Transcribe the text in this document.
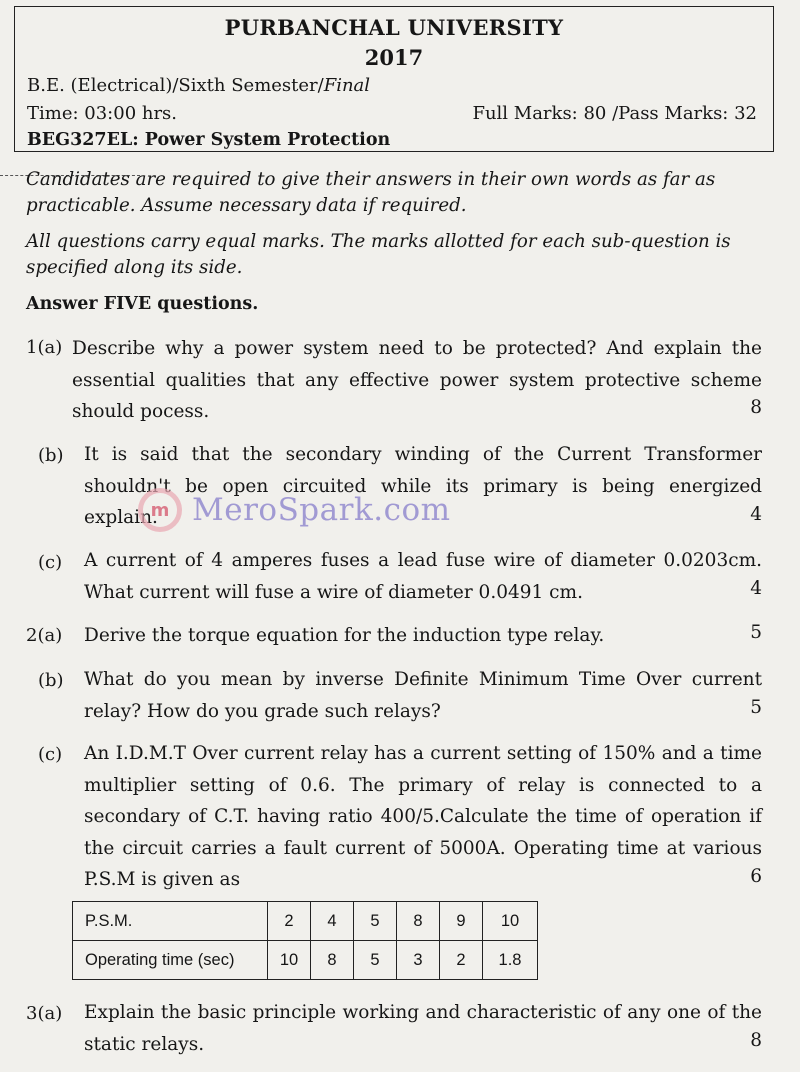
PURBANCHAL UNIVERSITY
2017
B.E. (Electrical)/Sixth Semester/Final
Time: 03:00 hrs.	Full Marks: 80 /Pass Marks: 32
BEG327EL: Power System Protection
Candidates are required to give their answers in their own words as far as practicable. Assume necessary data if required.
All questions carry equal marks. The marks allotted for each sub-question is specified along its side.
Answer FIVE questions.
1(a) Describe why a power system need to be protected? And explain the essential qualities that any effective power system protective scheme should pocess.	8
(b) It is said that the secondary winding of the Current Transformer shouldn't be open circuited while its primary is being energized explain.	4
(c) A current of 4 amperes fuses a lead fuse wire of diameter 0.0203cm. What current will fuse a wire of diameter 0.0491 cm.	4
2(a) Derive the torque equation for the induction type relay.	5
(b) What do you mean by inverse Definite Minimum Time Over current relay? How do you grade such relays?	5
(c) An I.D.M.T Over current relay has a current setting of 150% and a time multiplier setting of 0.6. The primary of relay is connected to a secondary of C.T. having ratio 400/5.Calculate the time of operation if the circuit carries a fault current of 5000A. Operating time at various P.S.M is given as	6
P.S.M.	2	4	5	8	9	10
Operating time (sec)	10	8	5	3	2	1.8
3(a) Explain the basic principle working and characteristic of any one of the static relays.	8
m MeroSpark.com
